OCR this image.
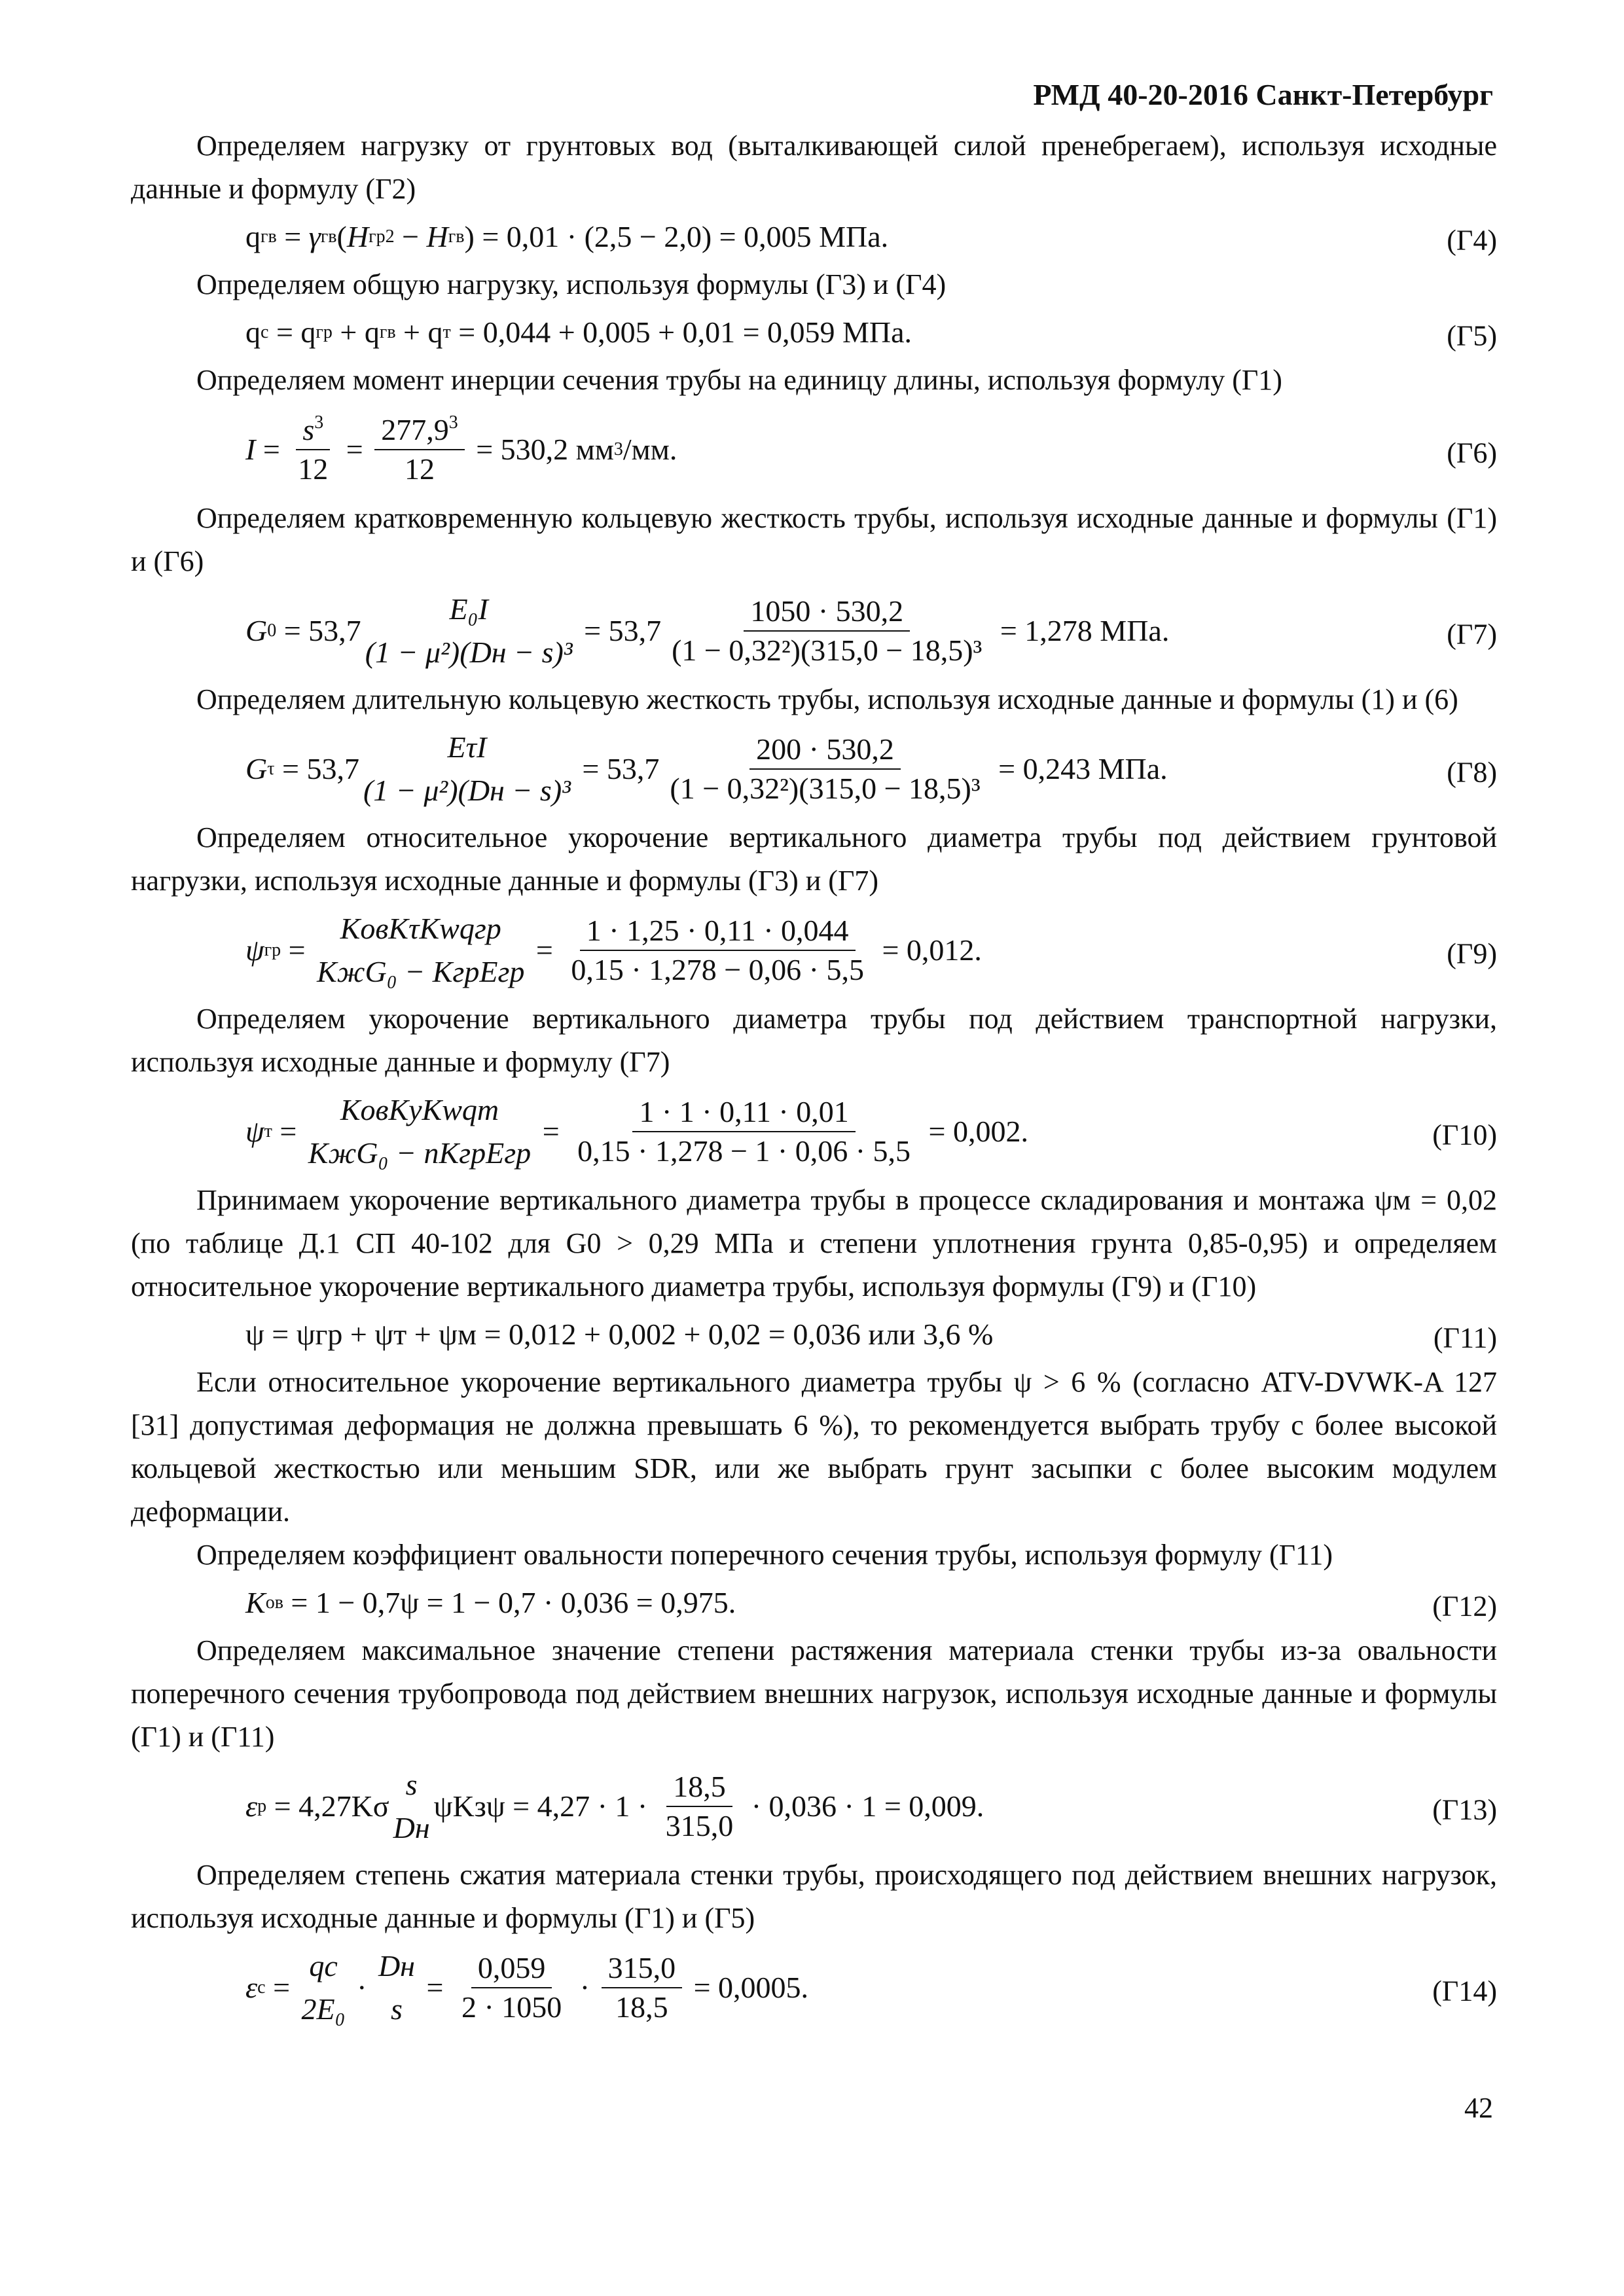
РМД 40-20-2016 Санкт-Петербург

Определяем нагрузку от грунтовых вод (выталкивающей силой пренебрегаем), используя исходные данные и формулу (Г2)

q гв = γ гв ( H гр2 − H гв ) = 0,01 · (2,5 − 2,0) = 0,005 МПа.	(Г4)

Определяем общую нагрузку, используя формулы (Г3) и (Г4)

q с = q гр + q гв + q т = 0,044 + 0,005 + 0,01 = 0,059 МПа.	(Г5)

Определяем момент инерции сечения трубы на единицу длины, используя формулу (Г1)

$I = \frac{s^3}{12} = \frac{277,9^3}{12} = 530,2$ мм 3 /мм.	(Г6)

Определяем кратковременную кольцевую жесткость трубы, используя исходные данные и формулы (Г1) и (Г6)

G 0 = 53,7
E₀I
(1 − μ²)(Dн − s)³
= $53,7 \frac{1050 \cdot 530,2}{\text{(1 − 0,32²)(315,0 − 18,5)³}} = 1,278$ МПа.	(Г7)

Определяем длительную кольцевую жесткость трубы, используя исходные данные и формулы (1) и (6)

G τ = 53,7
EτI
(1 − μ²)(Dн − s)³
= $53,7 \frac{200 \cdot 530,2}{\text{(1 − 0,32²)(315,0 − 18,5)³}} = 0,243$ МПа.	(Г8)

Определяем относительное укорочение вертикального диаметра трубы под действием грунтовой нагрузки, используя исходные данные и формулы (Г3) и (Г7)

ψ гр =
KовKτKwqгр
KжG₀ − KгрEгр
= $\frac{1 \cdot 1,25 \cdot 0,11 \cdot 0,044}{0,15 \cdot 1,278 - 0,06 \cdot 5,5} = 0,012$.	(Г9)

Определяем укорочение вертикального диаметра трубы под действием транспортной нагрузки, используя исходные данные и формулу (Г7)

ψ т =
KовKyKwqт
KжG₀ − nKгрEгр
= $\frac{1 \cdot 1 \cdot 0,11 \cdot 0,01}{0,15 \cdot 1,278 - 1 \cdot 0,06 \cdot 5,5} = 0,002$.	(Г10)

Принимаем укорочение вертикального диаметра трубы в процессе складирования и монтажа ψм = 0,02 (по таблице Д.1 СП 40-102 для G0 > 0,29 МПа и степени уплотнения грунта 0,85-0,95) и определяем относительное укорочение вертикального диаметра трубы, используя формулы (Г9) и (Г10)

ψ = ψгр + ψт + ψм = 0,012 + 0,002 + 0,02 = 0,036 или 3,6 %	(Г11)

Если относительное укорочение вертикального диаметра трубы ψ > 6 % (согласно ATV-DVWK-A 127 [31] допустимая деформация не должна превышать 6 %), то рекомендуется выбрать трубу с более высокой кольцевой жесткостью или меньшим SDR, или же выбрать грунт засыпки с более высоким модулем деформации.

Определяем коэффициент овальности поперечного сечения трубы, используя формулу (Г11)

K ов = 1 − 0,7ψ = 1 − 0,7 · 0,036 = 0,975.	(Г12)

Определяем максимальное значение степени растяжения материала стенки трубы из-за овальности поперечного сечения трубопровода под действием внешних нагрузок, используя исходные данные и формулы (Г1) и (Г11)

ε р = 4,27Kσ
s
Dн
$\psi Kз\psi = 4,27 \cdot 1 \cdot \frac{18,5}{315,0} \cdot 0,036 \cdot 1 = 0,009$.	(Г13)

Определяем степень сжатия материала стенки трубы, происходящего под действием внешних нагрузок, используя исходные данные и формулы (Г1) и (Г5)

ε с =
qс
2E₀
·
Dн
s
= $\frac{0,059}{2 \cdot 1050} \cdot \frac{315,0}{18,5} = 0,0005$.	(Г14)
42
